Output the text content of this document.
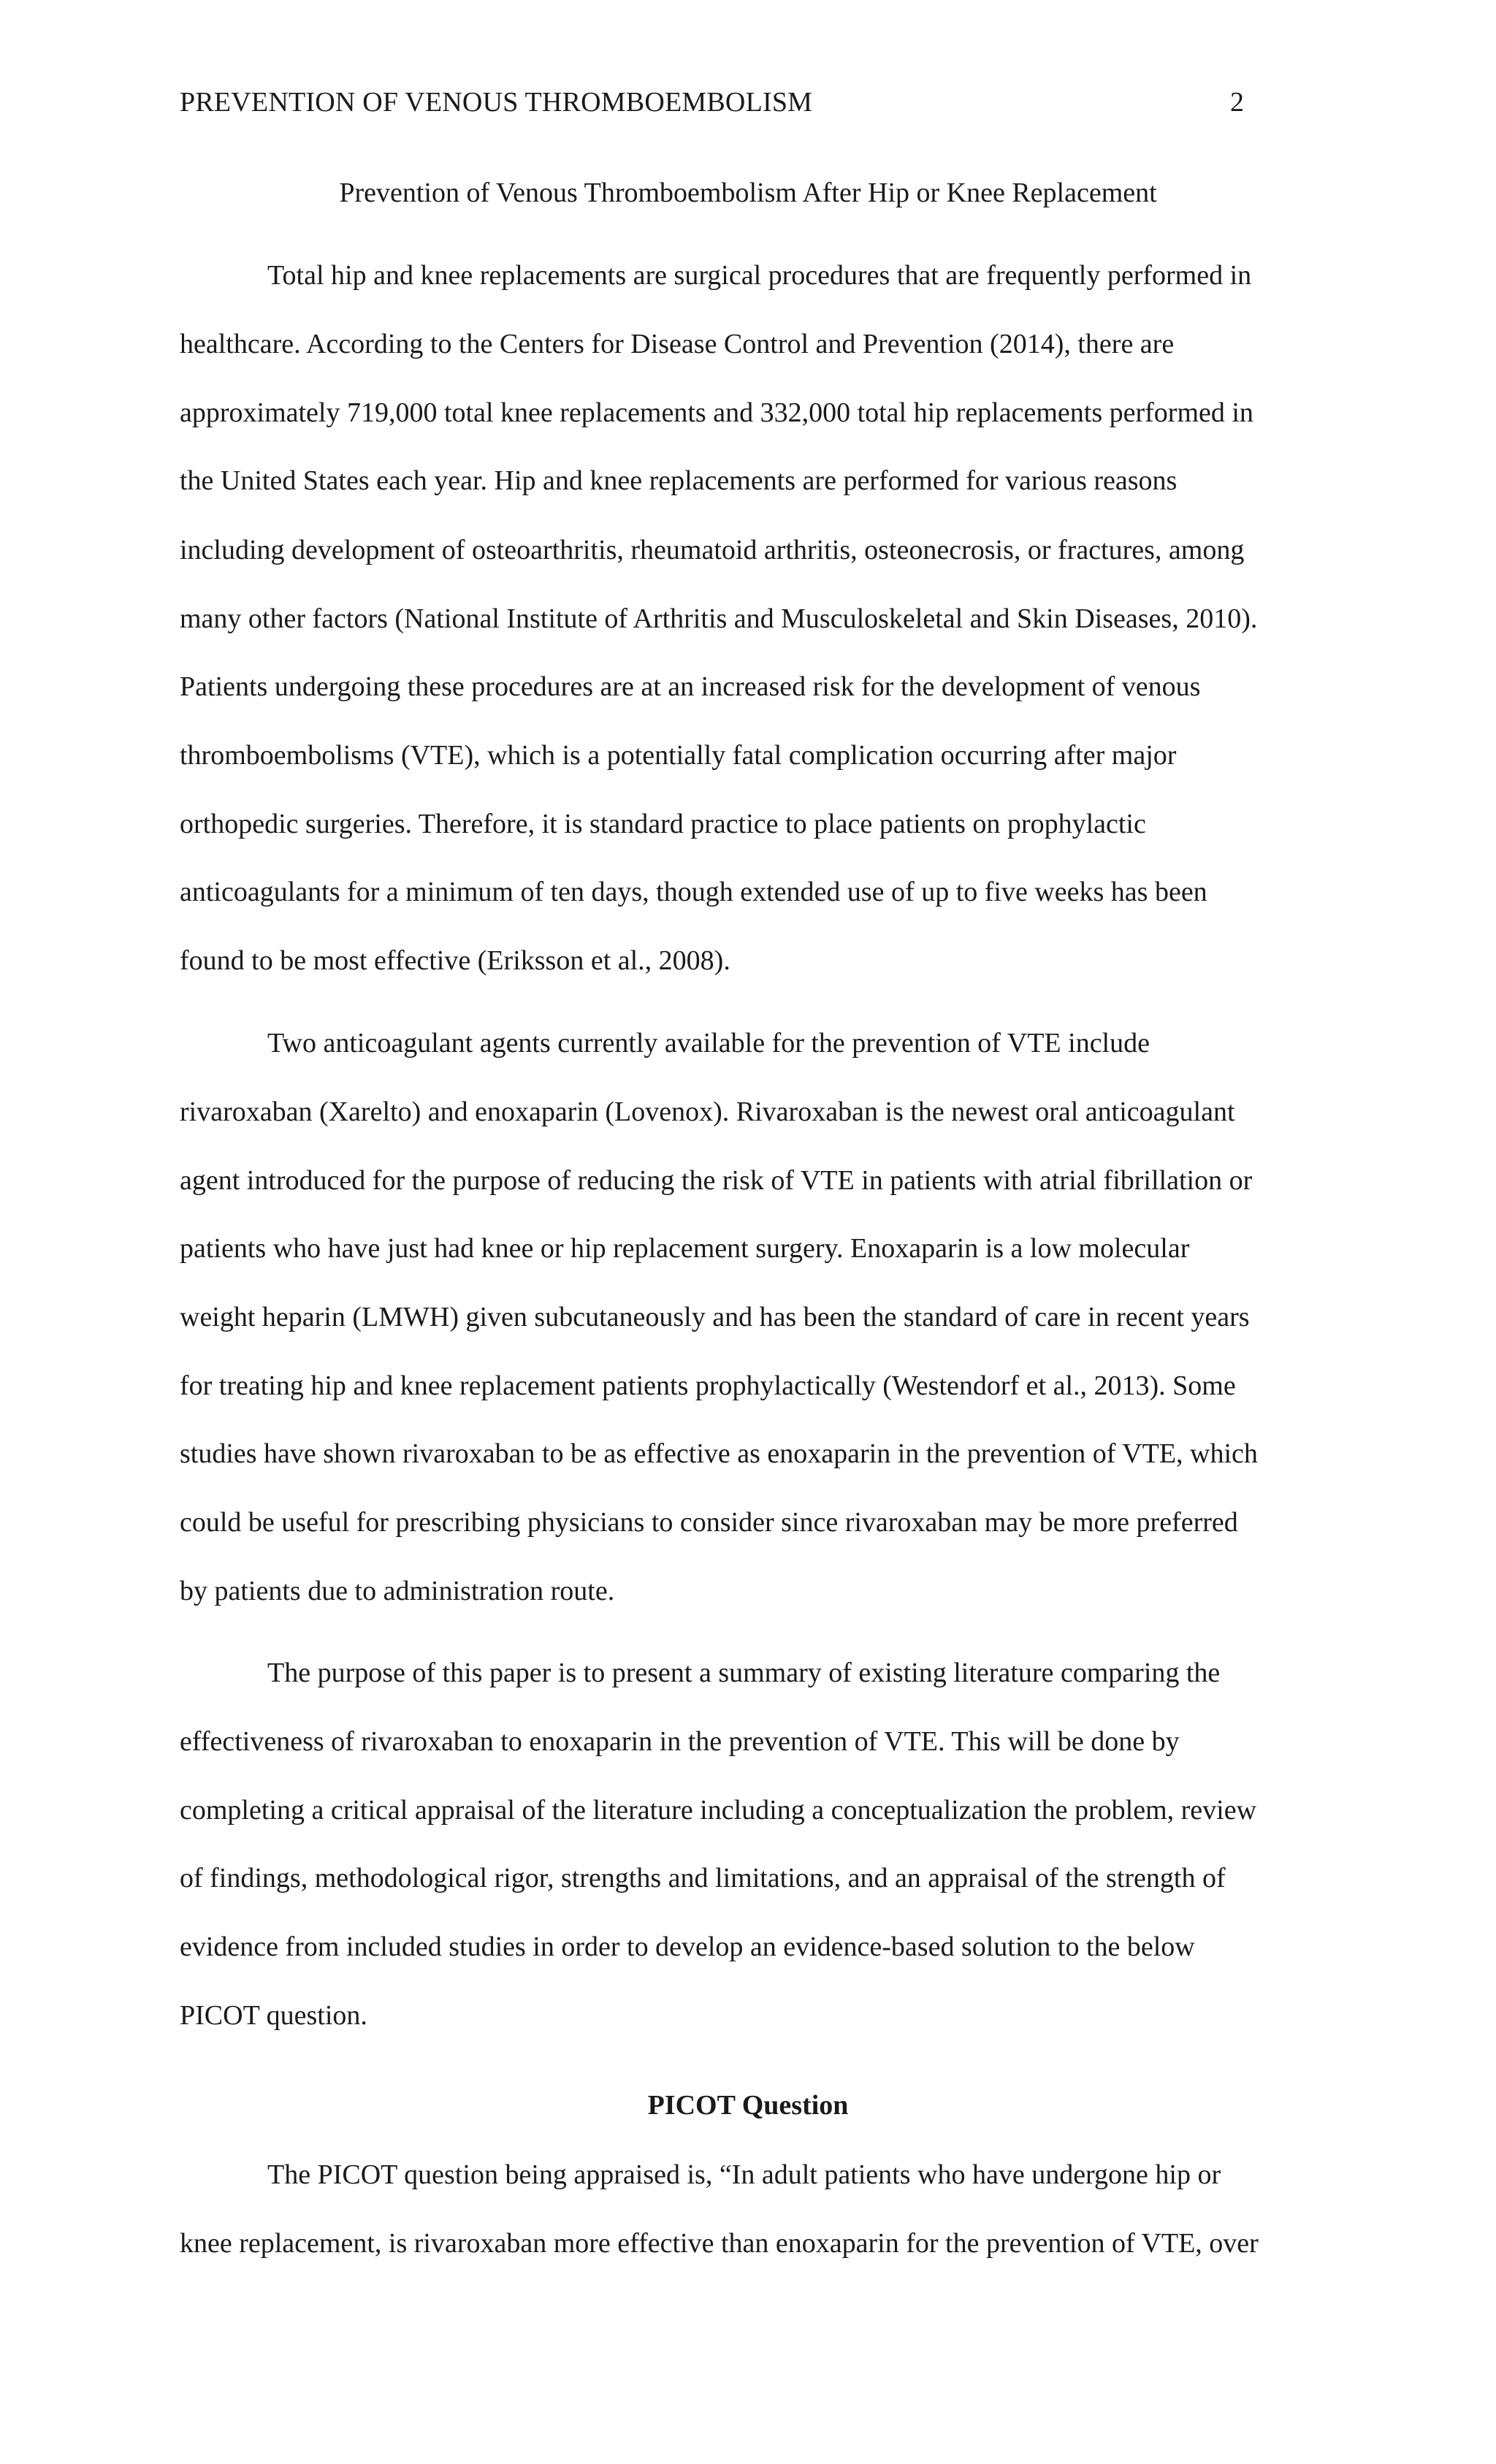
PREVENTION OF VENOUS THROMBOEMBOLISM	2
Prevention of Venous Thromboembolism After Hip or Knee Replacement
Total hip and knee replacements are surgical procedures that are frequently performed in
healthcare. According to the Centers for Disease Control and Prevention (2014), there are
approximately 719,000 total knee replacements and 332,000 total hip replacements performed in
the United States each year. Hip and knee replacements are performed for various reasons
including development of osteoarthritis, rheumatoid arthritis, osteonecrosis, or fractures, among
many other factors (National Institute of Arthritis and Musculoskeletal and Skin Diseases, 2010).
Patients undergoing these procedures are at an increased risk for the development of venous
thromboembolisms (VTE), which is a potentially fatal complication occurring after major
orthopedic surgeries. Therefore, it is standard practice to place patients on prophylactic
anticoagulants for a minimum of ten days, though extended use of up to five weeks has been
found to be most effective (Eriksson et al., 2008).
Two anticoagulant agents currently available for the prevention of VTE include
rivaroxaban (Xarelto) and enoxaparin (Lovenox). Rivaroxaban is the newest oral anticoagulant
agent introduced for the purpose of reducing the risk of VTE in patients with atrial fibrillation or
patients who have just had knee or hip replacement surgery. Enoxaparin is a low molecular
weight heparin (LMWH) given subcutaneously and has been the standard of care in recent years
for treating hip and knee replacement patients prophylactically (Westendorf et al., 2013). Some
studies have shown rivaroxaban to be as effective as enoxaparin in the prevention of VTE, which
could be useful for prescribing physicians to consider since rivaroxaban may be more preferred
by patients due to administration route.
The purpose of this paper is to present a summary of existing literature comparing the
effectiveness of rivaroxaban to enoxaparin in the prevention of VTE. This will be done by
completing a critical appraisal of the literature including a conceptualization the problem, review
of findings, methodological rigor, strengths and limitations, and an appraisal of the strength of
evidence from included studies in order to develop an evidence-based solution to the below
PICOT question.
PICOT Question
The PICOT question being appraised is, “In adult patients who have undergone hip or
knee replacement, is rivaroxaban more effective than enoxaparin for the prevention of VTE, over
